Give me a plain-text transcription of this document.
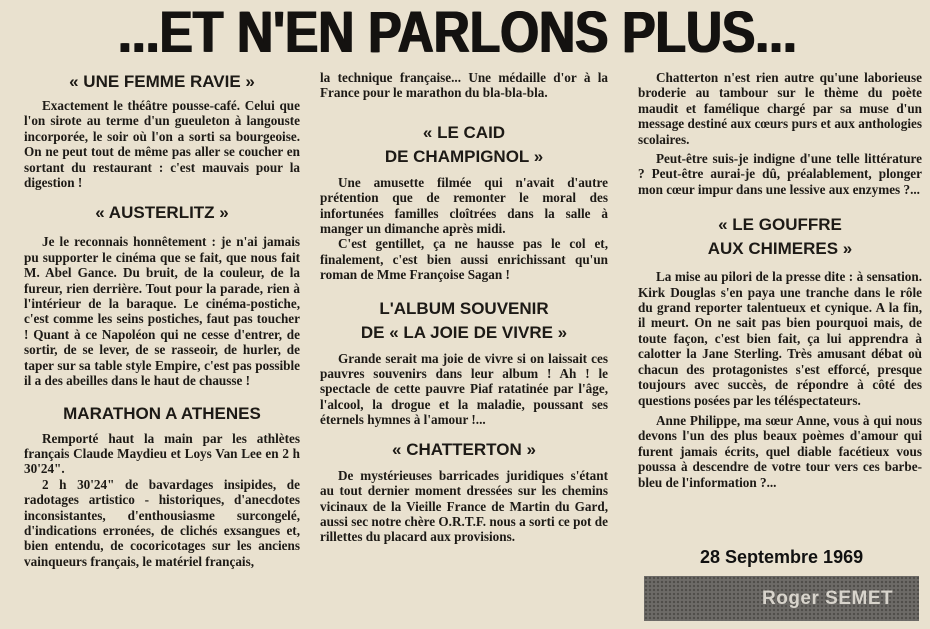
...ET N'EN PARLONS PLUS...
« UNE FEMME RAVIE »

Exactement le théâtre pousse-café. Celui que l'on sirote au terme d'un gueuleton à langouste incorporée, le soir où l'on a sorti sa bourgeoise. On ne peut tout de même pas aller se coucher en sortant du restaurant : c'est mauvais pour la digestion !

« AUSTERLITZ »

Je le reconnais honnêtement : je n'ai jamais pu supporter le cinéma que se fait, que nous fait M. Abel Gance. Du bruit, de la couleur, de la fureur, rien derrière. Tout pour la parade, rien à l'intérieur de la baraque. Le cinéma-postiche, c'est comme les seins postiches, faut pas toucher ! Quant à ce Napoléon qui ne cesse d'entrer, de sortir, de se lever, de se rasseoir, de hurler, de taper sur sa table style Empire, c'est pas possible il a des abeilles dans le haut de chausse !

MARATHON A ATHENES

Remporté haut la main par les athlètes français Claude Maydieu et Loys Van Lee en 2 h 30'24".

2 h 30'24" de bavardages insipides, de radotages artistico - historiques, d'anecdotes inconsistantes, d'enthousiasme surcongelé, d'indications erronées, de clichés exsangues et, bien entendu, de cocoricotages sur les anciens vainqueurs français, le matériel français,

la technique française... Une médaille d'or à la France pour le marathon du bla-bla-bla.

« LE CAID
DE CHAMPIGNOL »

Une amusette filmée qui n'avait d'autre prétention que de remonter le moral des infortunées familles cloîtrées dans la salle à manger un dimanche après midi.

C'est gentillet, ça ne hausse pas le col et, finalement, c'est bien aussi enrichissant qu'un roman de Mme Françoise Sagan !

L'ALBUM SOUVENIR
DE « LA JOIE DE VIVRE »

Grande serait ma joie de vivre si on laissait ces pauvres souvenirs dans leur album ! Ah ! le spectacle de cette pauvre Piaf ratatinée par l'âge, l'alcool, la drogue et la maladie, poussant ses éternels hymnes à l'amour !...

« CHATTERTON »

De mystérieuses barricades juridiques s'étant au tout dernier moment dressées sur les chemins vicinaux de la Vieille France de Martin du Gard, aussi sec notre chère O.R.T.F. nous a sorti ce pot de rillettes du placard aux provisions.

Chatterton n'est rien autre qu'une laborieuse broderie au tambour sur le thème du poète maudit et famélique chargé par sa muse d'un message destiné aux cœurs purs et aux anthologies scolaires.

Peut-être suis-je indigne d'une telle littérature ? Peut-être aurai-je dû, préalablement, plonger mon cœur impur dans une lessive aux enzymes ?...

« LE GOUFFRE
AUX CHIMERES »

La mise au pilori de la presse dite : à sensation. Kirk Douglas s'en paya une tranche dans le rôle du grand reporter talentueux et cynique. A la fin, il meurt. On ne sait pas bien pourquoi mais, de toute façon, c'est bien fait, ça lui apprendra à calotter la Jane Sterling. Très amusant débat où chacun des protagonistes s'est efforcé, presque toujours avec succès, de répondre à côté des questions posées par les téléspectateurs.

Anne Philippe, ma sœur Anne, vous à qui nous devons l'un des plus beaux poèmes d'amour qui furent jamais écrits, quel diable facétieux vous poussa à descendre de votre tour vers ces barbe-bleu de l'information ?...

28 Septembre 1969
Roger SEMET
